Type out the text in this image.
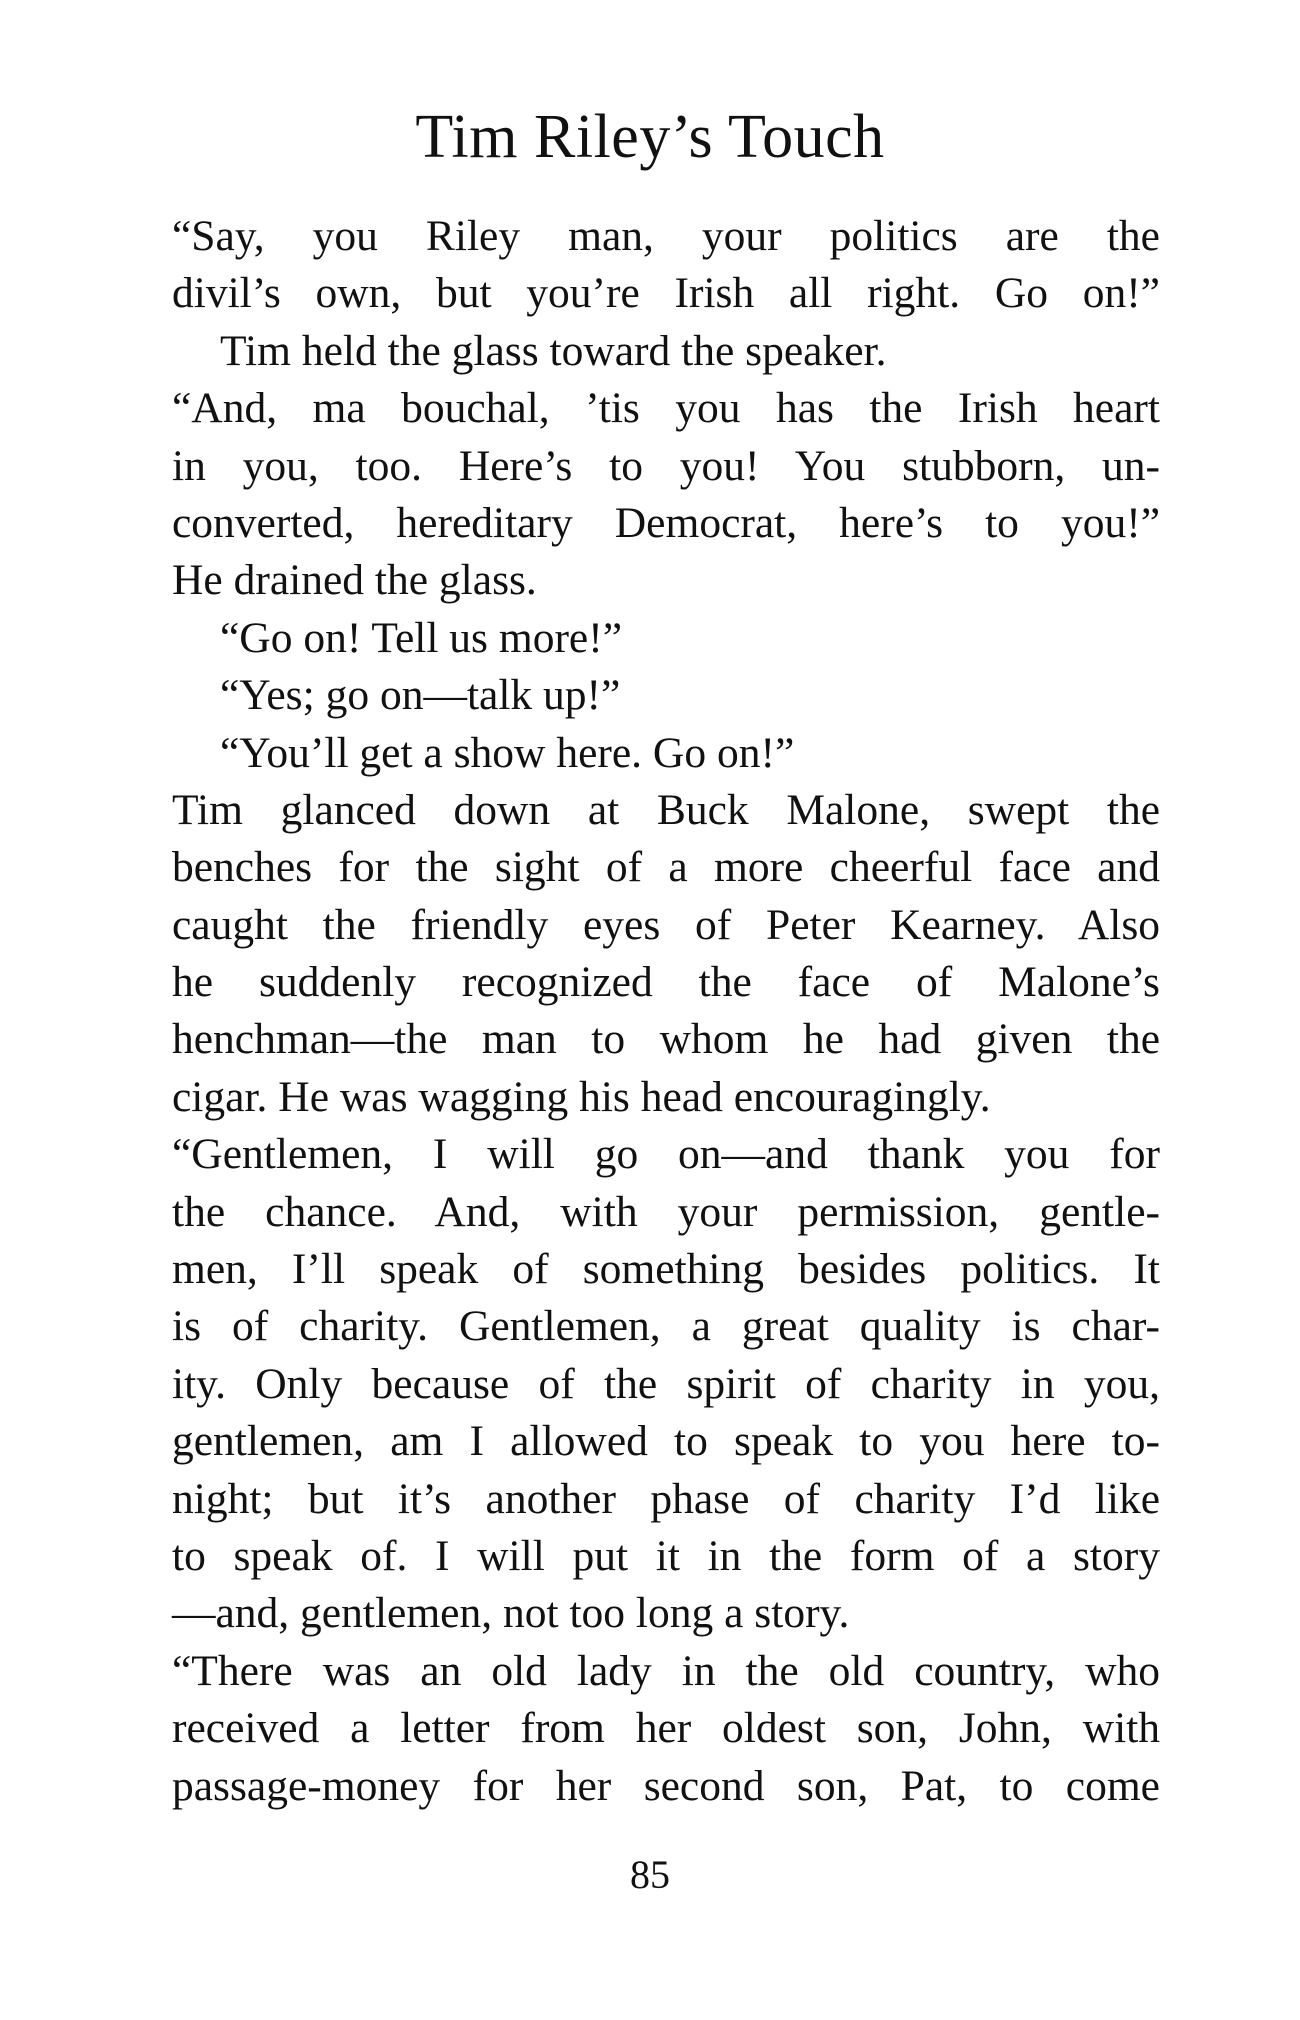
Tim Riley’s Touch
“Say, you Riley man, your politics are the
divil’s own, but you’re Irish all right. Go on!”
Tim held the glass toward the speaker.
“And, ma bouchal, ’tis you has the Irish heart
in you, too. Here’s to you! You stubborn, un-
converted, hereditary Democrat, here’s to you!”
He drained the glass.
“Go on! Tell us more!”
“Yes; go on—talk up!”
“You’ll get a show here. Go on!”
Tim glanced down at Buck Malone, swept the
benches for the sight of a more cheerful face and
caught the friendly eyes of Peter Kearney. Also
he suddenly recognized the face of Malone’s
henchman—the man to whom he had given the
cigar. He was wagging his head encouragingly.
“Gentlemen, I will go on—and thank you for
the chance. And, with your permission, gentle-
men, I’ll speak of something besides politics. It
is of charity. Gentlemen, a great quality is char-
ity. Only because of the spirit of charity in you,
gentlemen, am I allowed to speak to you here to-
night; but it’s another phase of charity I’d like
to speak of. I will put it in the form of a story
—and, gentlemen, not too long a story.
“There was an old lady in the old country, who
received a letter from her oldest son, John, with
passage-money for her second son, Pat, to come
85
